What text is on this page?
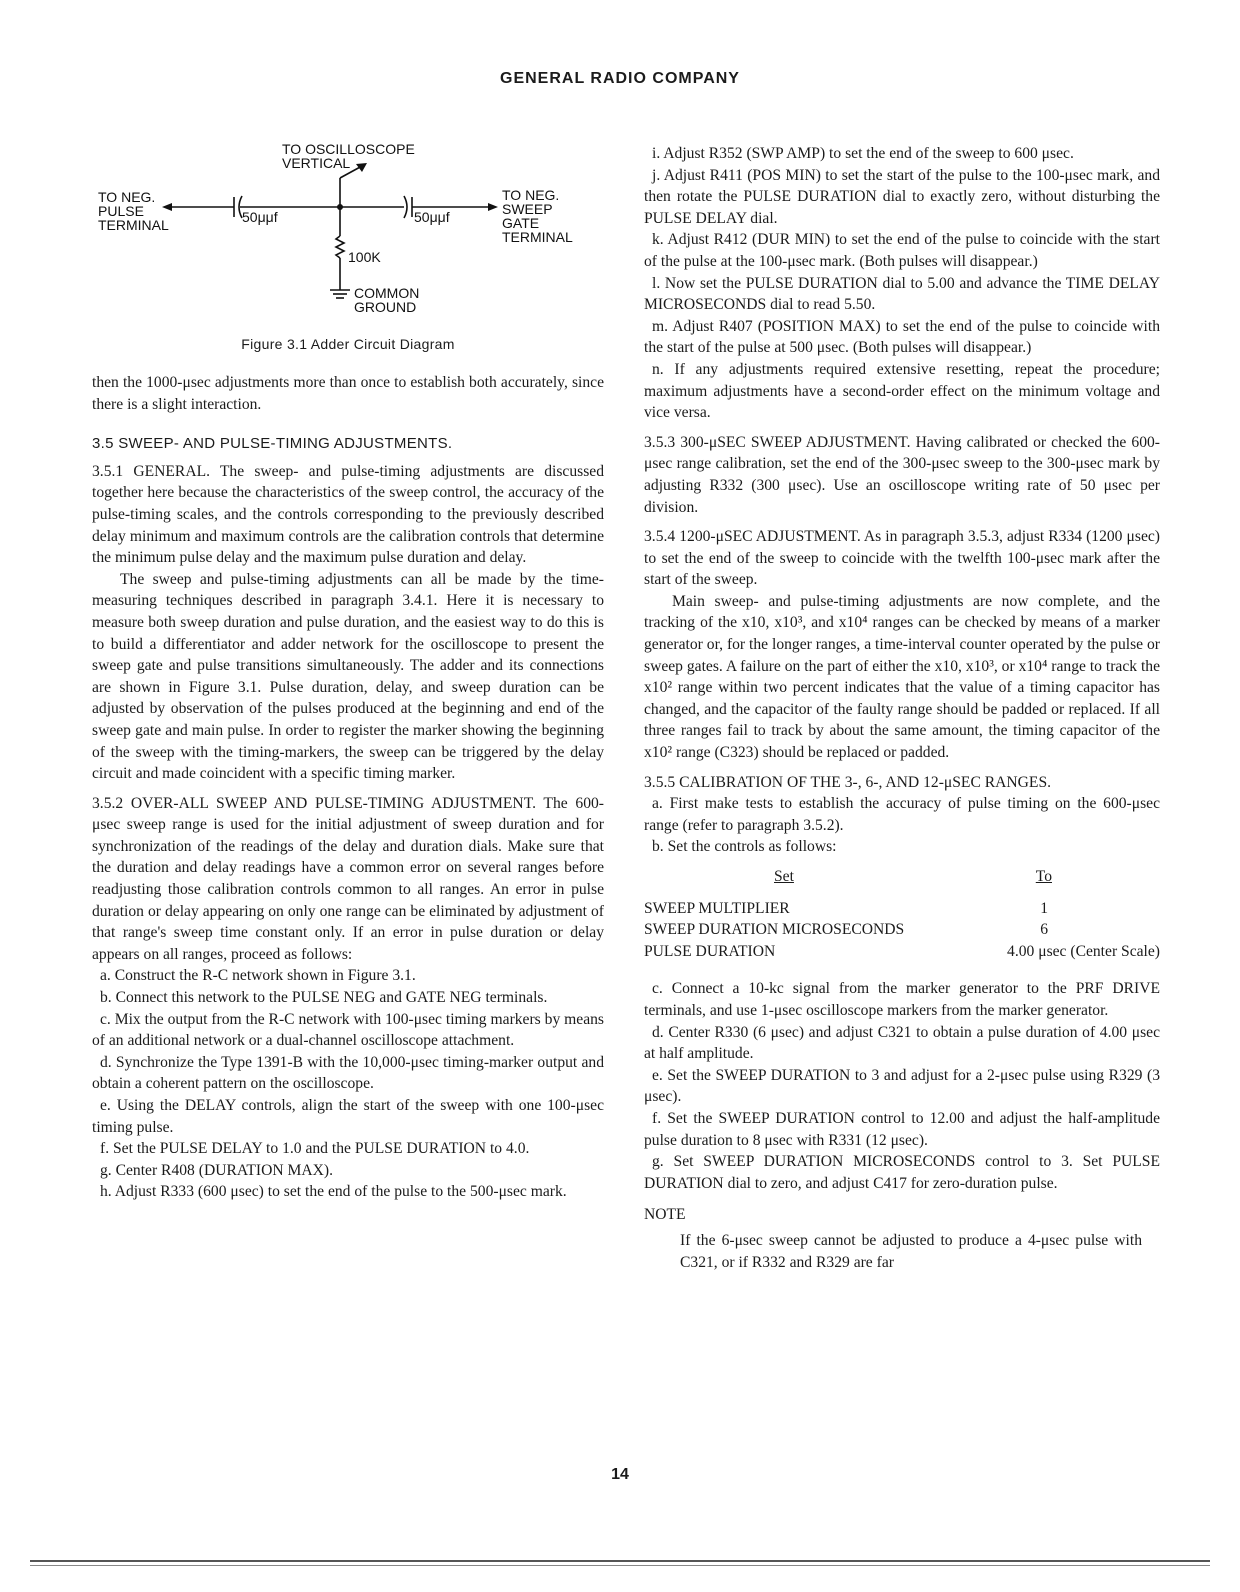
GENERAL RADIO COMPANY
TO OSCILLOSCOPE
VERTICAL
TO NEG.
PULSE
TERMINAL
TO NEG.
SWEEP
GATE
TERMINAL
50μμf	50μμf
100K
COMMON
GROUND
Figure 3.1 Adder Circuit Diagram

then the 1000-μsec adjustments more than once to establish both accurately, since there is a slight interaction.

3.5 SWEEP- AND PULSE-TIMING ADJUSTMENTS.

3.5.1 GENERAL. The sweep- and pulse-timing adjustments are discussed together here because the characteristics of the sweep control, the accuracy of the pulse-timing scales, and the controls corresponding to the previously described delay minimum and maximum controls are the calibration controls that determine the minimum pulse delay and the maximum pulse duration and delay.

The sweep and pulse-timing adjustments can all be made by the time-measuring techniques described in paragraph 3.4.1. Here it is necessary to measure both sweep duration and pulse duration, and the easiest way to do this is to build a differentiator and adder network for the oscilloscope to present the sweep gate and pulse transitions simultaneously. The adder and its connections are shown in Figure 3.1. Pulse duration, delay, and sweep duration can be adjusted by observation of the pulses produced at the beginning and end of the sweep gate and main pulse. In order to register the marker showing the beginning of the sweep with the timing-markers, the sweep can be triggered by the delay circuit and made coincident with a specific timing marker.

3.5.2 OVER-ALL SWEEP AND PULSE-TIMING ADJUSTMENT. The 600-μsec sweep range is used for the initial adjustment of sweep duration and for synchronization of the readings of the delay and duration dials. Make sure that the duration and delay readings have a common error on several ranges before readjusting those calibration controls common to all ranges. An error in pulse duration or delay appearing on only one range can be eliminated by adjustment of that range's sweep time constant only. If an error in pulse duration or delay appears on all ranges, proceed as follows:

a. Construct the R-C network shown in Figure 3.1.

b. Connect this network to the PULSE NEG and GATE NEG terminals.

c. Mix the output from the R-C network with 100-μsec timing markers by means of an additional network or a dual-channel oscilloscope attachment.

d. Synchronize the Type 1391-B with the 10,000-μsec timing-marker output and obtain a coherent pattern on the oscilloscope.

e. Using the DELAY controls, align the start of the sweep with one 100-μsec timing pulse.

f. Set the PULSE DELAY to 1.0 and the PULSE DURATION to 4.0.

g. Center R408 (DURATION MAX).

h. Adjust R333 (600 μsec) to set the end of the pulse to the 500-μsec mark.

i. Adjust R352 (SWP AMP) to set the end of the sweep to 600 μsec.

j. Adjust R411 (POS MIN) to set the start of the pulse to the 100-μsec mark, and then rotate the PULSE DURATION dial to exactly zero, without disturbing the PULSE DELAY dial.

k. Adjust R412 (DUR MIN) to set the end of the pulse to coincide with the start of the pulse at the 100-μsec mark. (Both pulses will disappear.)

l. Now set the PULSE DURATION dial to 5.00 and advance the TIME DELAY MICROSECONDS dial to read 5.50.

m. Adjust R407 (POSITION MAX) to set the end of the pulse to coincide with the start of the pulse at 500 μsec. (Both pulses will disappear.)

n. If any adjustments required extensive resetting, repeat the procedure; maximum adjustments have a second-order effect on the minimum voltage and vice versa.

3.5.3 300-μSEC SWEEP ADJUSTMENT. Having calibrated or checked the 600-μsec range calibration, set the end of the 300-μsec sweep to the 300-μsec mark by adjusting R332 (300 μsec). Use an oscilloscope writing rate of 50 μsec per division.

3.5.4 1200-μSEC ADJUSTMENT. As in paragraph 3.5.3, adjust R334 (1200 μsec) to set the end of the sweep to coincide with the twelfth 100-μsec mark after the start of the sweep.

Main sweep- and pulse-timing adjustments are now complete, and the tracking of the x10, x10³, and x10⁴ ranges can be checked by means of a marker generator or, for the longer ranges, a time-interval counter operated by the pulse or sweep gates. A failure on the part of either the x10, x10³, or x10⁴ range to track the x10² range within two percent indicates that the value of a timing capacitor has changed, and the capacitor of the faulty range should be padded or replaced. If all three ranges fail to track by about the same amount, the timing capacitor of the x10² range (C323) should be replaced or padded.

3.5.5 CALIBRATION OF THE 3-, 6-, AND 12-μSEC RANGES.

a. First make tests to establish the accuracy of pulse timing on the 600-μsec range (refer to paragraph 3.5.2).

b. Set the controls as follows:

Set	To

SWEEP MULTIPLIER	1
SWEEP DURATION MICROSECONDS	6
PULSE DURATION	4.00 μsec (Center Scale)

c. Connect a 10-kc signal from the marker generator to the PRF DRIVE terminals, and use 1-μsec oscilloscope markers from the marker generator.

d. Center R330 (6 μsec) and adjust C321 to obtain a pulse duration of 4.00 μsec at half amplitude.

e. Set the SWEEP DURATION to 3 and adjust for a 2-μsec pulse using R329 (3 μsec).

f. Set the SWEEP DURATION control to 12.00 and adjust the half-amplitude pulse duration to 8 μsec with R331 (12 μsec).

g. Set SWEEP DURATION MICROSECONDS control to 3. Set PULSE DURATION dial to zero, and adjust C417 for zero-duration pulse.

NOTE

If the 6-μsec sweep cannot be adjusted to produce a 4-μsec pulse with C321, or if R332 and R329 are far

14
